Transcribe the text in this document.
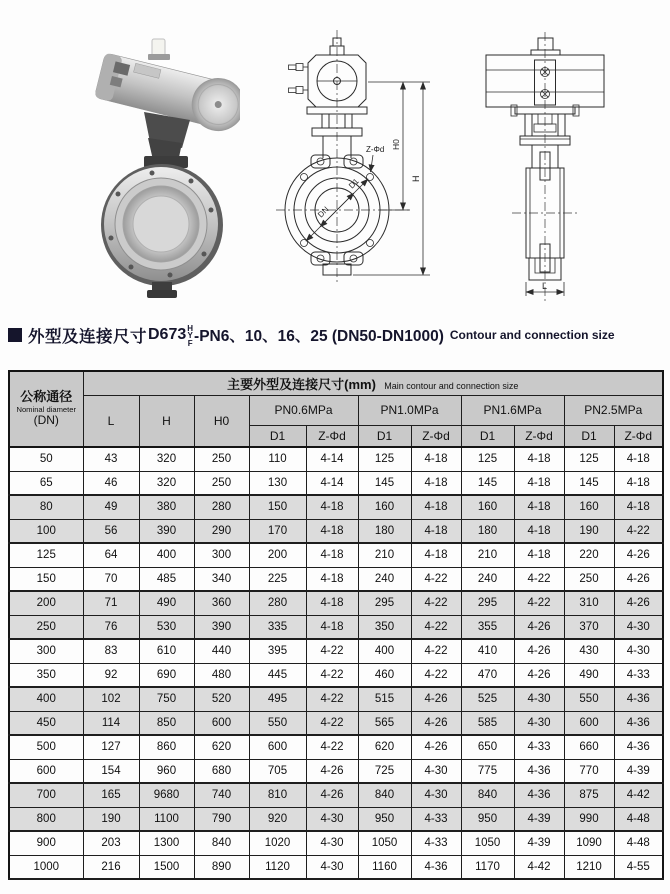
DN
D1
Z-Φd H0
H
L
外型及连接尺寸 D673 H
Y
F -PN6、10、16、25 (DN50-DN1000) Contour and connection size
公称通径
Nominal diameter
(DN)	主要外型及连接尺寸(mm) Main contour and connection size										
	L	H	H0	PN0.6MPa		PN1.0MPa		PN1.6MPa		PN2.5MPa	
				D1	Z-Φd	D1	Z-Φd	D1	Z-Φd	D1	Z-Φd
50	43	320	250	110	4-14	125	4-18	125	4-18	125	4-18
65	46	320	250	130	4-14	145	4-18	145	4-18	145	4-18
80	49	380	280	150	4-18	160	4-18	160	4-18	160	4-18
100	56	390	290	170	4-18	180	4-18	180	4-18	190	4-22
125	64	400	300	200	4-18	210	4-18	210	4-18	220	4-26
150	70	485	340	225	4-18	240	4-22	240	4-22	250	4-26
200	71	490	360	280	4-18	295	4-22	295	4-22	310	4-26
250	76	530	390	335	4-18	350	4-22	355	4-26	370	4-30
300	83	610	440	395	4-22	400	4-22	410	4-26	430	4-30
350	92	690	480	445	4-22	460	4-22	470	4-26	490	4-33
400	102	750	520	495	4-22	515	4-26	525	4-30	550	4-36
450	114	850	600	550	4-22	565	4-26	585	4-30	600	4-36
500	127	860	620	600	4-22	620	4-26	650	4-33	660	4-36
600	154	960	680	705	4-26	725	4-30	775	4-36	770	4-39
700	165	9680	740	810	4-26	840	4-30	840	4-36	875	4-42
800	190	1100	790	920	4-30	950	4-33	950	4-39	990	4-48
900	203	1300	840	1020	4-30	1050	4-33	1050	4-39	1090	4-48
1000	216	1500	890	1120	4-30	1160	4-36	1170	4-42	1210	4-55
